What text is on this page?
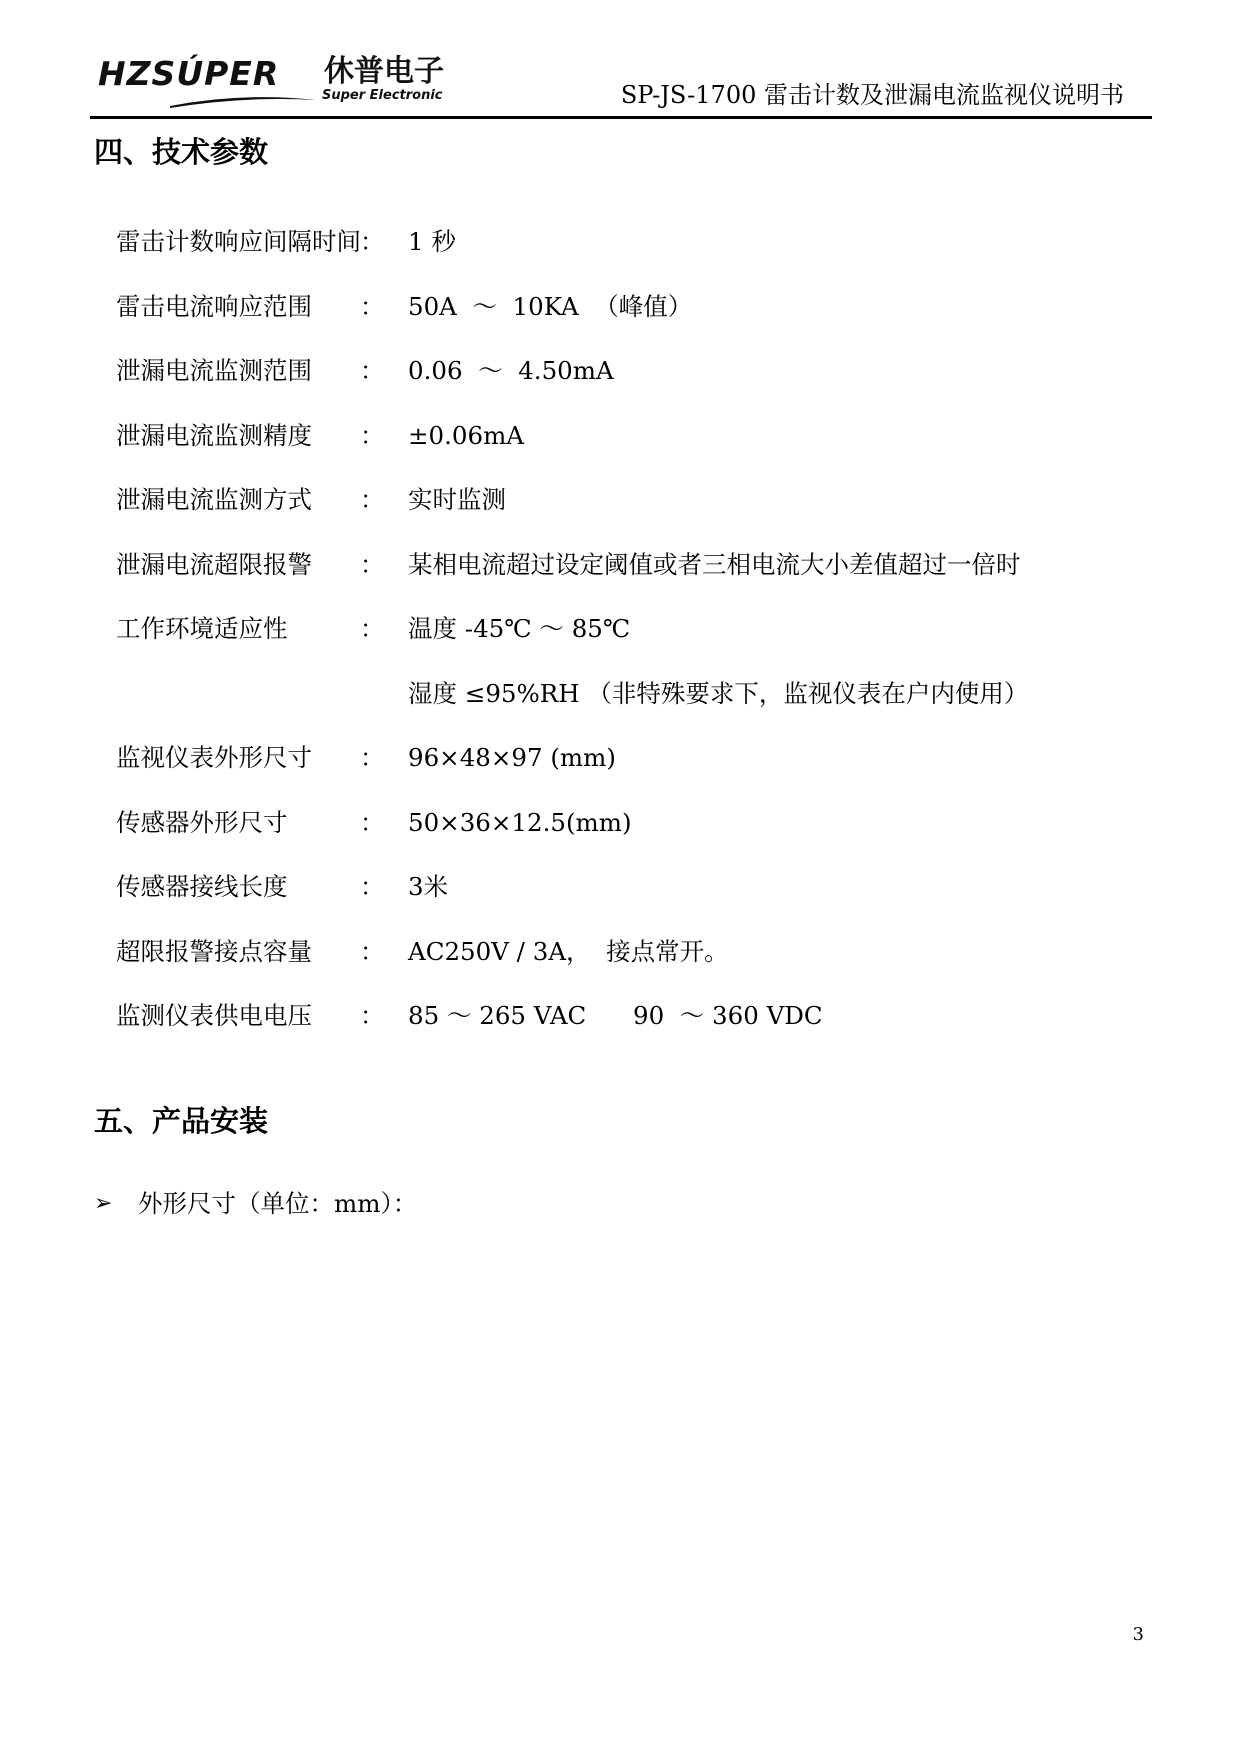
HZSÚPER 休普电子
Super Electronic	SP-JS-1700 雷击计数及泄漏电流监视仪说明书
四、技术参数
雷击计数响应间隔时间 ： 1 秒
雷击电流响应范围 ： 50A  ～  10KA  （峰值）
泄漏电流监测范围 ： 0.06  ～  4.50mA
泄漏电流监测精度 ： ±0.06mA
泄漏电流监测方式 ： 实时监测
泄漏电流超限报警 ： 某相电流超过设定阈值或者三相电流大小差值超过一倍时
工作环境适应性	： 温度 -45℃ ～ 85℃
湿度 ≤95%RH （非特殊要求下，监视仪表在户内使用）
监视仪表外形尺寸 ： 96×48×97 (mm)
传感器外形尺寸	： 50×36×12.5(mm)
传感器接线长度	： 3米
超限报警接点容量 ： AC250V / 3A，  接点常开。
监测仪表供电电压 ： 85 ～ 265 VAC      90  ～ 360 VDC
五、产品安装
➢ 外形尺寸（单位：mm）：
3
